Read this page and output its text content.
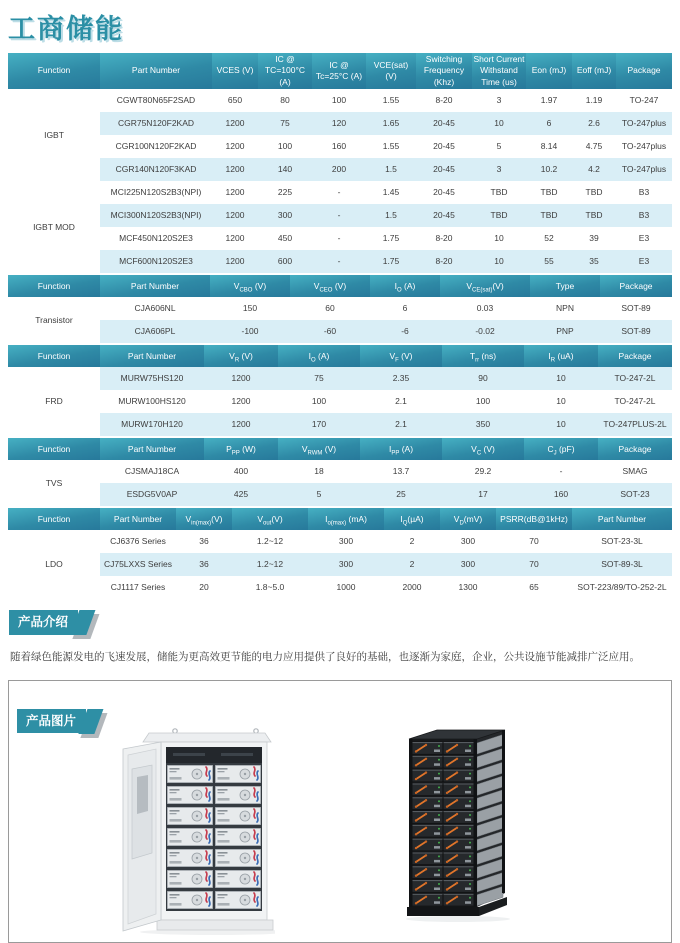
工商储能
Function	Part Number	VCES (V)	IC @ TC=100°C (A)	IC @ Tc=25°C (A)	VCE(sat) (V)	Switching Frequency (Khz)	Short Current Withstand Time (us)	Eon (mJ)	Eoff (mJ)	Package
IGBT	CGWT80N65F2SAD	650	80	100	1.55	8-20	3	1.97	1.19	TO-247
	CGR75N120F2KAD	1200	75	120	1.65	20-45	10	6	2.6	TO-247plus
	CGR100N120F2KAD	1200	100	160	1.55	20-45	5	8.14	4.75	TO-247plus
	CGR140N120F3KAD	1200	140	200	1.5	20-45	3	10.2	4.2	TO-247plus
IGBT MOD	MCI225N120S2B3(NPI)	1200	225	-	1.45	20-45	TBD	TBD	TBD	B3
	MCI300N120S2B3(NPI)	1200	300	-	1.5	20-45	TBD	TBD	TBD	B3
	MCF450N120S2E3	1200	450	-	1.75	8-20	10	52	39	E3
	MCF600N120S2E3	1200	600	-	1.75	8-20	10	55	35	E3
Function	Part Number	$V_{CBO}$ (V)	$V_{CEO}$ (V)	$I_O$ (A)	$V_{CE(sat)}(V)$	Type	Package
Transistor	CJA606NL	150	60	6	0.03	NPN	SOT-89
	CJA606PL	-100	-60	-6	-0.02	PNP	SOT-89
Function	Part Number	$V_R$ (V)	$I_O$ (A)	$V_F$ (V)	$T_{rr}$ (ns)	$I_R$ (uA)	Package
FRD	MURW75HS120	1200	75	2.35	90	10	TO-247-2L
	MURW100HS120	1200	100	2.1	100	10	TO-247-2L
	MURW170H120	1200	170	2.1	350	10	TO-247PLUS-2L
Function	Part Number	$P_{PP}$ (W)	$V_{RWM}$ (V)	$I_{PP}$ (A)	$V_C$ (V)	$C_J$ (pF)	Package
TVS	CJSMAJ18CA	400	18	13.7	29.2	-	SMAG
	ESDG5V0AP	425	5	25	17	160	SOT-23
Function	Part Number	$V_{in(max)}(V)$	$V_{out}(V)$	$I_{o(max)}$ (mA)	$I_Q(\mu A)$	$V_D(mV)$	PSRR(dB@1kHz)	Part Number
LDO	CJ6376 Series	36	1.2~12	300	2	300	70	SOT-23-3L
	CJ75LXXS Series	36	1.2~12	300	2	300	70	SOT-89-3L
	CJ1117 Series	20	1.8~5.0	1000	2000	1300	65	SOT-223/89/TO-252-2L
产品介绍

随着绿色能源发电的飞速发展，储能为更高效更节能的电力应用提供了良好的基础，也逐渐为家庭，企业，公共设施节能减排广泛应用。

产品图片
